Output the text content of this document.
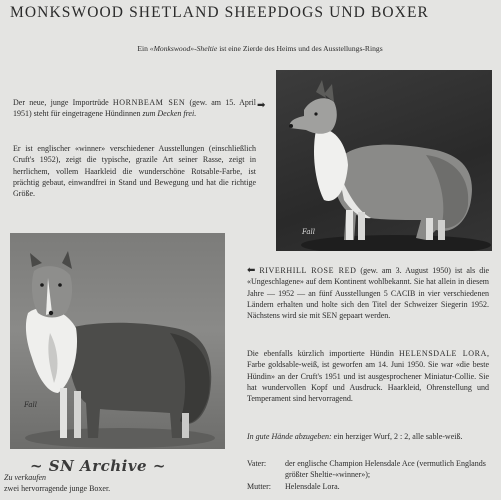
MONKSWOOD SHETLAND SHEEPDOGS UND BOXER
Ein «Monkswood»-Sheltie ist eine Zierde des Heims und des Ausstellungs-Rings
Der neue, junge Importrüde HORNBEAM SEN (gew. am 15. April 1951) steht für eingetragene Hündinnen zum Decken frei.
➡
Er ist englischer «winner» verschiedener Ausstellungen (einschließlich Cruft's 1952), zeigt die typische, grazile Art seiner Rasse, zeigt in herrlichem, vollem Haarkleid die wunderschöne Rotsable-Farbe, ist prächtig gebaut, einwandfrei in Stand und Bewegung und hat die richtige Größe.
Fall
Fall
⬅ RIVERHILL ROSE RED (gew. am 3. August 1950) ist als die «Ungeschlagene» auf dem Kontinent wohlbekannt. Sie hat allein in diesem Jahre — 1952 — an fünf Ausstellungen 5 CACIB in vier verschiedenen Ländern erhalten und holte sich den Titel der Schweizer Siegerin 1952. Nächstens wird sie mit SEN gepaart werden.
Die ebenfalls kürzlich importierte Hündin HELENSDALE LORA, Farbe goldsable-weiß, ist geworfen am 14. Juni 1950. Sie war «die beste Hündin» an der Cruft's 1951 und ist ausgesprochener Miniatur-Collie. Sie hat wundervollen Kopf und Ausdruck. Haarkleid, Ohrenstellung und Temperament sind hervorragend.
In gute Hände abzugeben: ein herziger Wurf, 2 : 2, alle sable-weiß.
Vater:	der englische Champion Helensdale Ace (vermutlich Englands größter Sheltie-«winner»);
Mutter:	Helensdale Lora.
~ SN Archive ~
Zu verkaufen
zwei hervorragende junge Boxer.
